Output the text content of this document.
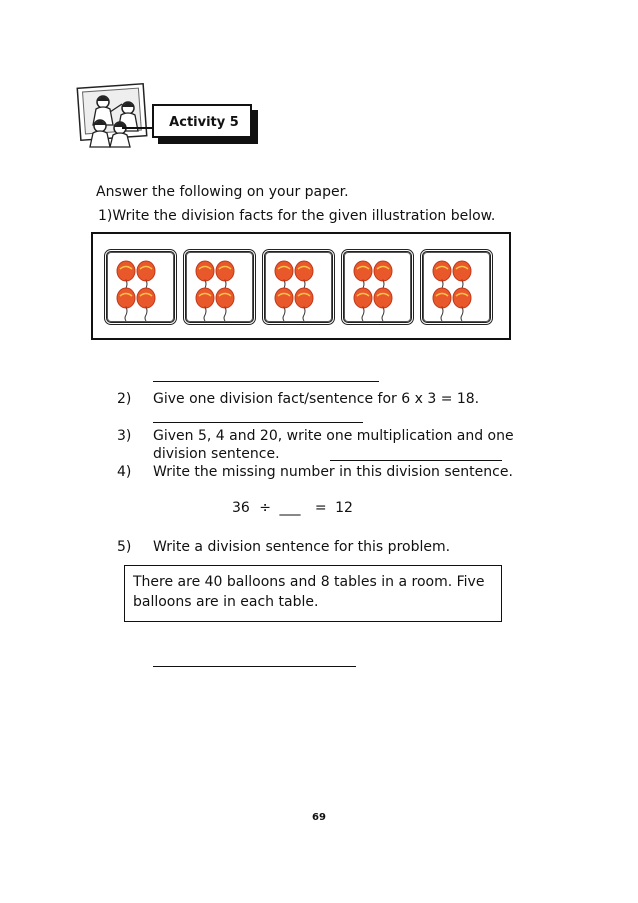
Activity 5
Answer the following on your paper.
1)Write the division facts for the given illustration below.
2) Give one division fact/sentence for 6 x 3 = 18.
3) Given 5, 4 and 20, write one multiplication and one
division sentence.
4) Write the missing number in this division sentence.
36 ÷ ___ = 12
5) Write a division sentence for this problem.
There are 40 balloons and 8 tables in a room. Five balloons are in each table.
69
